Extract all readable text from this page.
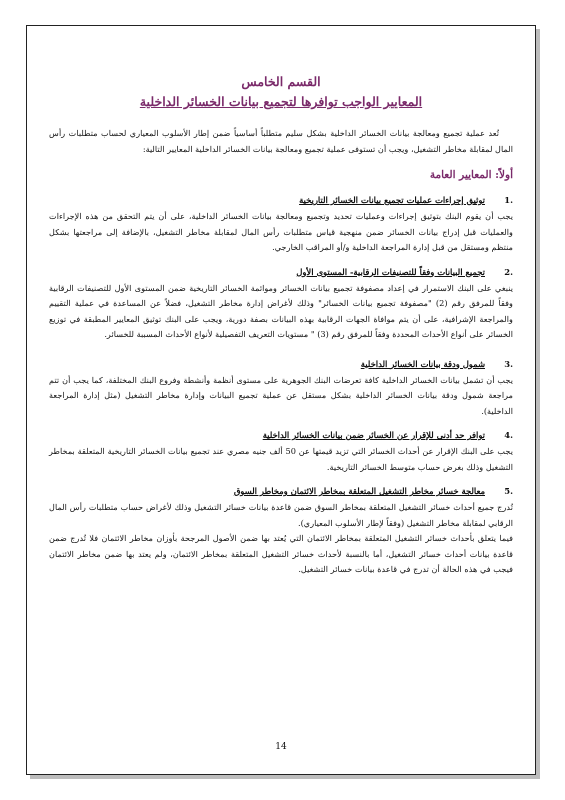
القسم الخامس
المعايير الواجب توافرها لتجميع بيانات الخسائر الداخلية

تُعد عملية تجميع ومعالجة بيانات الخسائر الداخلية بشكل سليم متطلباً أساسياً ضمن إطار الأسلوب المعياري لحساب متطلبات رأس المال لمقابلة مخاطر التشغيل، ويجب أن تستوفى عملية تجميع ومعالجة بيانات الخسائر الداخلية المعايير التالية:

أولاً: المعايير العامة
.1
توثيق إجراءات عمليات تجميع بيانات الخسائر التاريخية

يجب أن يقوم البنك بتوثيق إجراءات وعمليات تحديد وتجميع ومعالجة بيانات الخسائر الداخلية، على أن يتم التحقق من هذه الإجراءات والعمليات قبل إدراج بيانات الخسائر ضمن منهجية قياس متطلبات رأس المال لمقابلة مخاطر التشغيل، بالإضافة إلى مراجعتها بشكل منتظم ومستقل من قبل إدارة المراجعة الداخلية و/أو المراقب الخارجي.

.2
تجميع البيانات وفقاً للتصنيفات الرقابية- المستوى الأول

ينبغي على البنك الاستمرار في إعداد مصفوفة تجميع بيانات الخسائر وموائمة الخسائر التاريخية ضمن المستوى الأول للتصنيفات الرقابية وفقاً للمرفق رقم (2) "مصفوفة تجميع بيانات الخسائر" وذلك لأغراض إدارة مخاطر التشغيل، فضلاً عن المساعدة في عملية التقييم والمراجعة الإشرافية، على أن يتم موافاة الجهات الرقابية بهذه البيانات بصفة دورية، ويجب على البنك توثيق المعايير المطبقة في توزيع الخسائر على أنواع الأحداث المحددة وفقاً للمرفق رقم (3) " مستويات التعريف التفصيلية لأنواع الأحداث المسببة للخسائر.

.3
شمول ودقة بيانات الخسائر الداخلية

يجب أن تشمل بيانات الخسائر الداخلية كافة تعرضات البنك الجوهرية على مستوى أنظمة وأنشطة وفروع البنك المختلفة، كما يجب أن تتم مراجعة شمول ودقة بيانات الخسائر الداخلية بشكل مستقل عن عملية تجميع البيانات وإدارة مخاطر التشغيل (مثل إدارة المراجعة الداخلية).

.4
توافر حد أدنى للإقرار عن الخسائر ضمن بيانات الخسائر الداخلية

يجب على البنك الإقرار عن أحداث الخسائر التي تزيد قيمتها عن 50 ألف جنيه مصري عند تجميع بيانات الخسائر التاريخية المتعلقة بمخاطر التشغيل وذلك بغرض حساب متوسط الخسائر التاريخية.

.5
معالجة خسائر مخاطر التشغيل المتعلقة بمخاطر الائتمان ومخاطر السوق

تُدرج جميع أحداث خسائر التشغيل المتعلقة بمخاطر السوق ضمن قاعدة بيانات خسائر التشغيل وذلك لأغراض حساب متطلبات رأس المال الرقابي لمقابلة مخاطر التشغيل (وفقاً لإطار الأسلوب المعياري).

فيما يتعلق بأحداث خسائر التشغيل المتعلقة بمخاطر الائتمان التي يُعتد بها ضمن الأصول المرجحة بأوزان مخاطر الائتمان فلا تُدرج ضمن قاعدة بيانات أحداث خسائر التشغيل، أما بالنسبة لأحداث خسائر التشغيل المتعلقة بمخاطر الائتمان، ولم يعتد بها ضمن مخاطر الائتمان فيجب في هذه الحالة أن تدرج في قاعدة بيانات خسائر التشغيل.

14
